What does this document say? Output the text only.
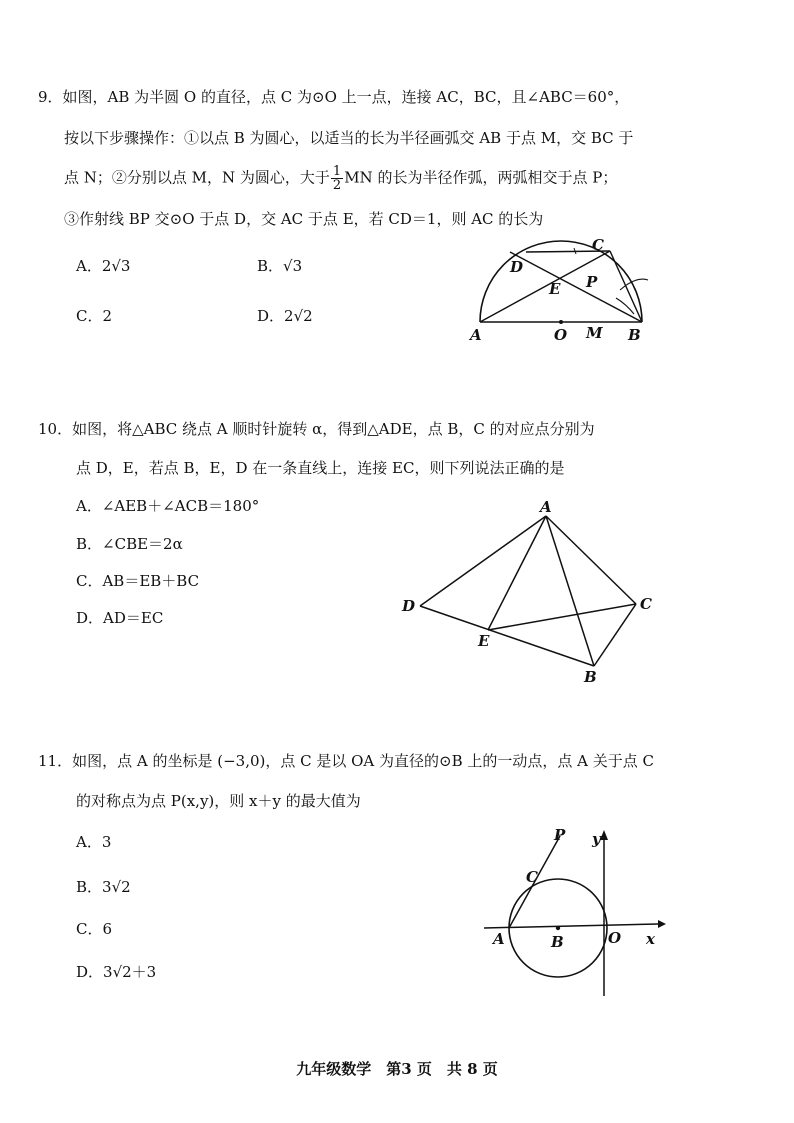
9．如图，AB 为半圆 O 的直径，点 C 为⊙O 上一点，连接 AC，BC，且∠ABC＝60°，
按以下步骤操作：①以点 B 为圆心，以适当的长为半径画弧交 AB 于点 M，交 BC 于
点 N；②分别以点 M，N 为圆心，大于 $\frac{1}{2}$ MN 的长为半径作弧，两弧相交于点 P；
③作射线 BP 交⊙O 于点 D，交 AC 于点 E，若 CD＝1，则 AC 的长为
A．2√3	B．√3
C．2	D．2√2
D
C
E P
A	O M B
10．如图，将△ABC 绕点 A 顺时针旋转 α，得到△ADE，点 B，C 的对应点分别为
点 D，E，若点 B，E，D 在一条直线上，连接 EC，则下列说法正确的是
A．∠AEB＋∠ACB＝180°
B．∠CBE＝2α
C．AB＝EB＋BC
D．AD＝EC
A
D	C
E
B
11．如图，点 A 的坐标是 (−3,0)，点 C 是以 OA 为直径的⊙B 上的一动点，点 A 关于点 C
的对称点为点 P(x,y)，则 x＋y 的最大值为
A．3
B．3√2
C．6
D．3√2＋3
P y
C
A	B	O x
九年级数学　第3 页　共 8 页
